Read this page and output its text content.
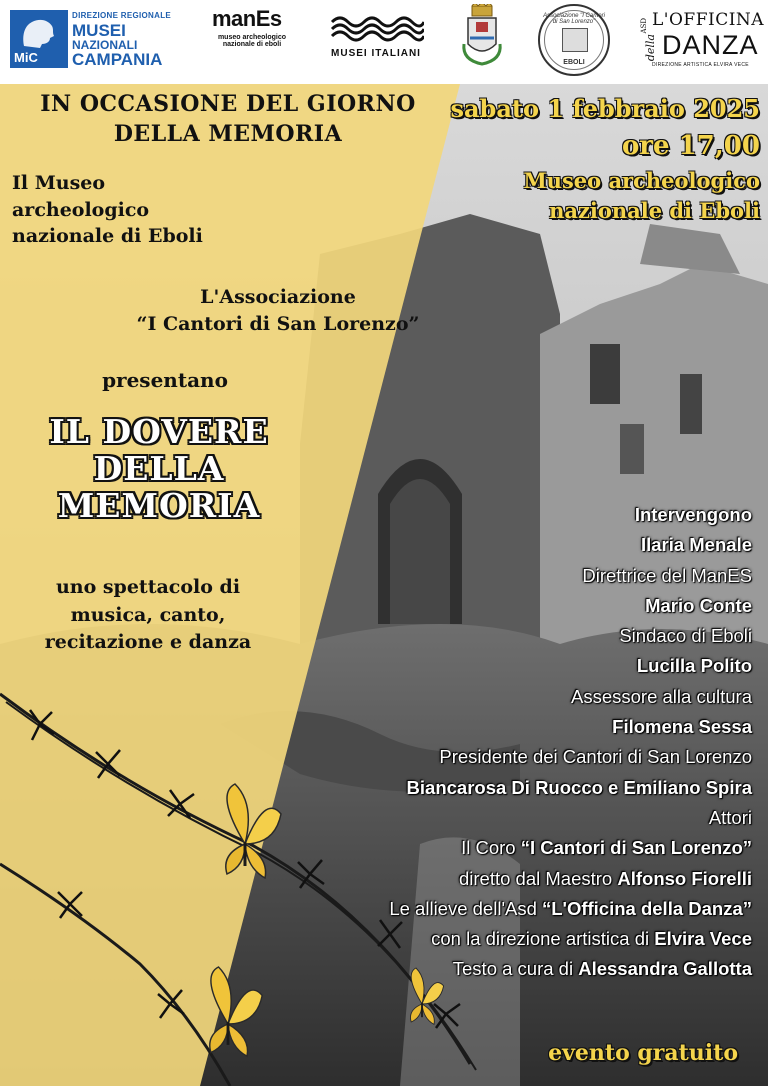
MiC
DIREZIONE REGIONALE
MUSEI
NAZIONALI
CAMPANIA
manEs
museo archeologico nazionale di eboli
MUSEI ITALIANI
Associazione "I Cantori di San Lorenzo"
EBOLI
ASD L'OFFICINA
della DANZA
DIREZIONE ARTISTICA ELVIRA VECE
IN OCCASIONE DEL GIORNO
DELLA MEMORIA
Il Museo
archeologico
nazionale di Eboli
L'Associazione
“I Cantori di San Lorenzo”
presentano
IL DOVERE
DELLA
MEMORIA
uno spettacolo di
musica, canto,
recitazione e danza
sabato 1 febbraio 2025
ore 17,00
Museo archeologico
nazionale di Eboli
Intervengono
Ilaria Menale
Direttrice del ManES
Mario Conte
Sindaco di Eboli
Lucilla Polito
Assessore alla cultura
Filomena Sessa
Presidente dei Cantori di San Lorenzo
Biancarosa Di Ruocco e Emiliano Spira
Attori
Il Coro “I Cantori di San Lorenzo”
diretto dal Maestro Alfonso Fiorelli
Le allieve dell'Asd “L'Officina della Danza”
con la direzione artistica di Elvira Vece
Testo a cura di Alessandra Gallotta
evento gratuito
